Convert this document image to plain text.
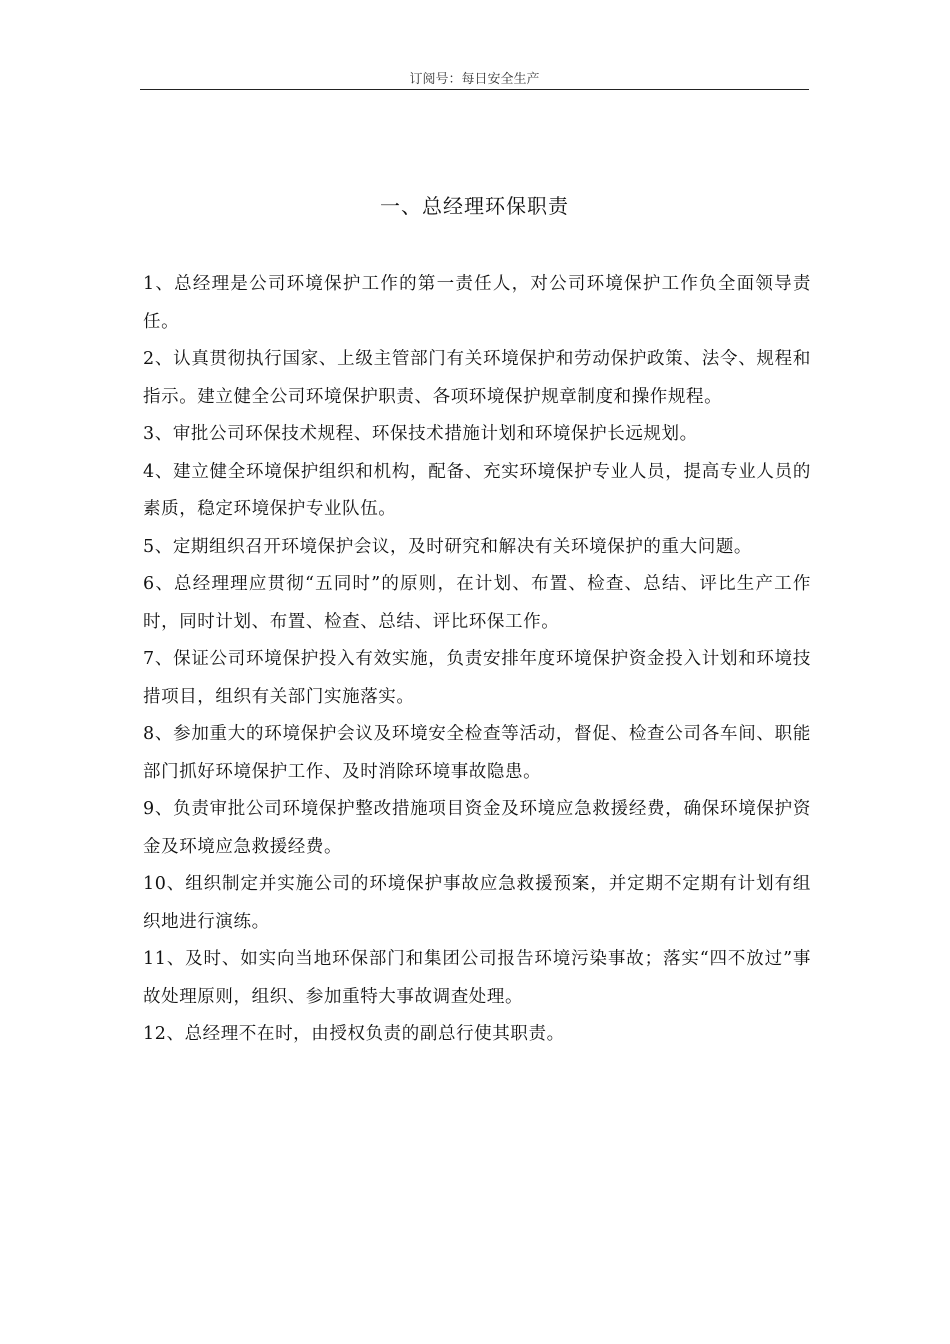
订阅号：每日安全生产
一、总经理环保职责

1、总经理是公司环境保护工作的第一责任人，对公司环境保护工作负全面领导责任。

2、认真贯彻执行国家、上级主管部门有关环境保护和劳动保护政策、法令、规程和指示。建立健全公司环境保护职责、各项环境保护规章制度和操作规程。

3、审批公司环保技术规程、环保技术措施计划和环境保护长远规划。

4、建立健全环境保护组织和机构，配备、充实环境保护专业人员，提高专业人员的素质，稳定环境保护专业队伍。

5、定期组织召开环境保护会议，及时研究和解决有关环境保护的重大问题。

6、总经理理应贯彻“五同时”的原则，在计划、布置、检查、总结、评比生产工作时，同时计划、布置、检查、总结、评比环保工作。

7、保证公司环境保护投入有效实施，负责安排年度环境保护资金投入计划和环境技措项目，组织有关部门实施落实。

8、参加重大的环境保护会议及环境安全检查等活动，督促、检查公司各车间、职能部门抓好环境保护工作、及时消除环境事故隐患。

9、负责审批公司环境保护整改措施项目资金及环境应急救援经费，确保环境保护资金及环境应急救援经费。

10、组织制定并实施公司的环境保护事故应急救援预案，并定期不定期有计划有组织地进行演练。

11、及时、如实向当地环保部门和集团公司报告环境污染事故；落实“四不放过”事故处理原则，组织、参加重特大事故调查处理。

12、总经理不在时，由授权负责的副总行使其职责。
